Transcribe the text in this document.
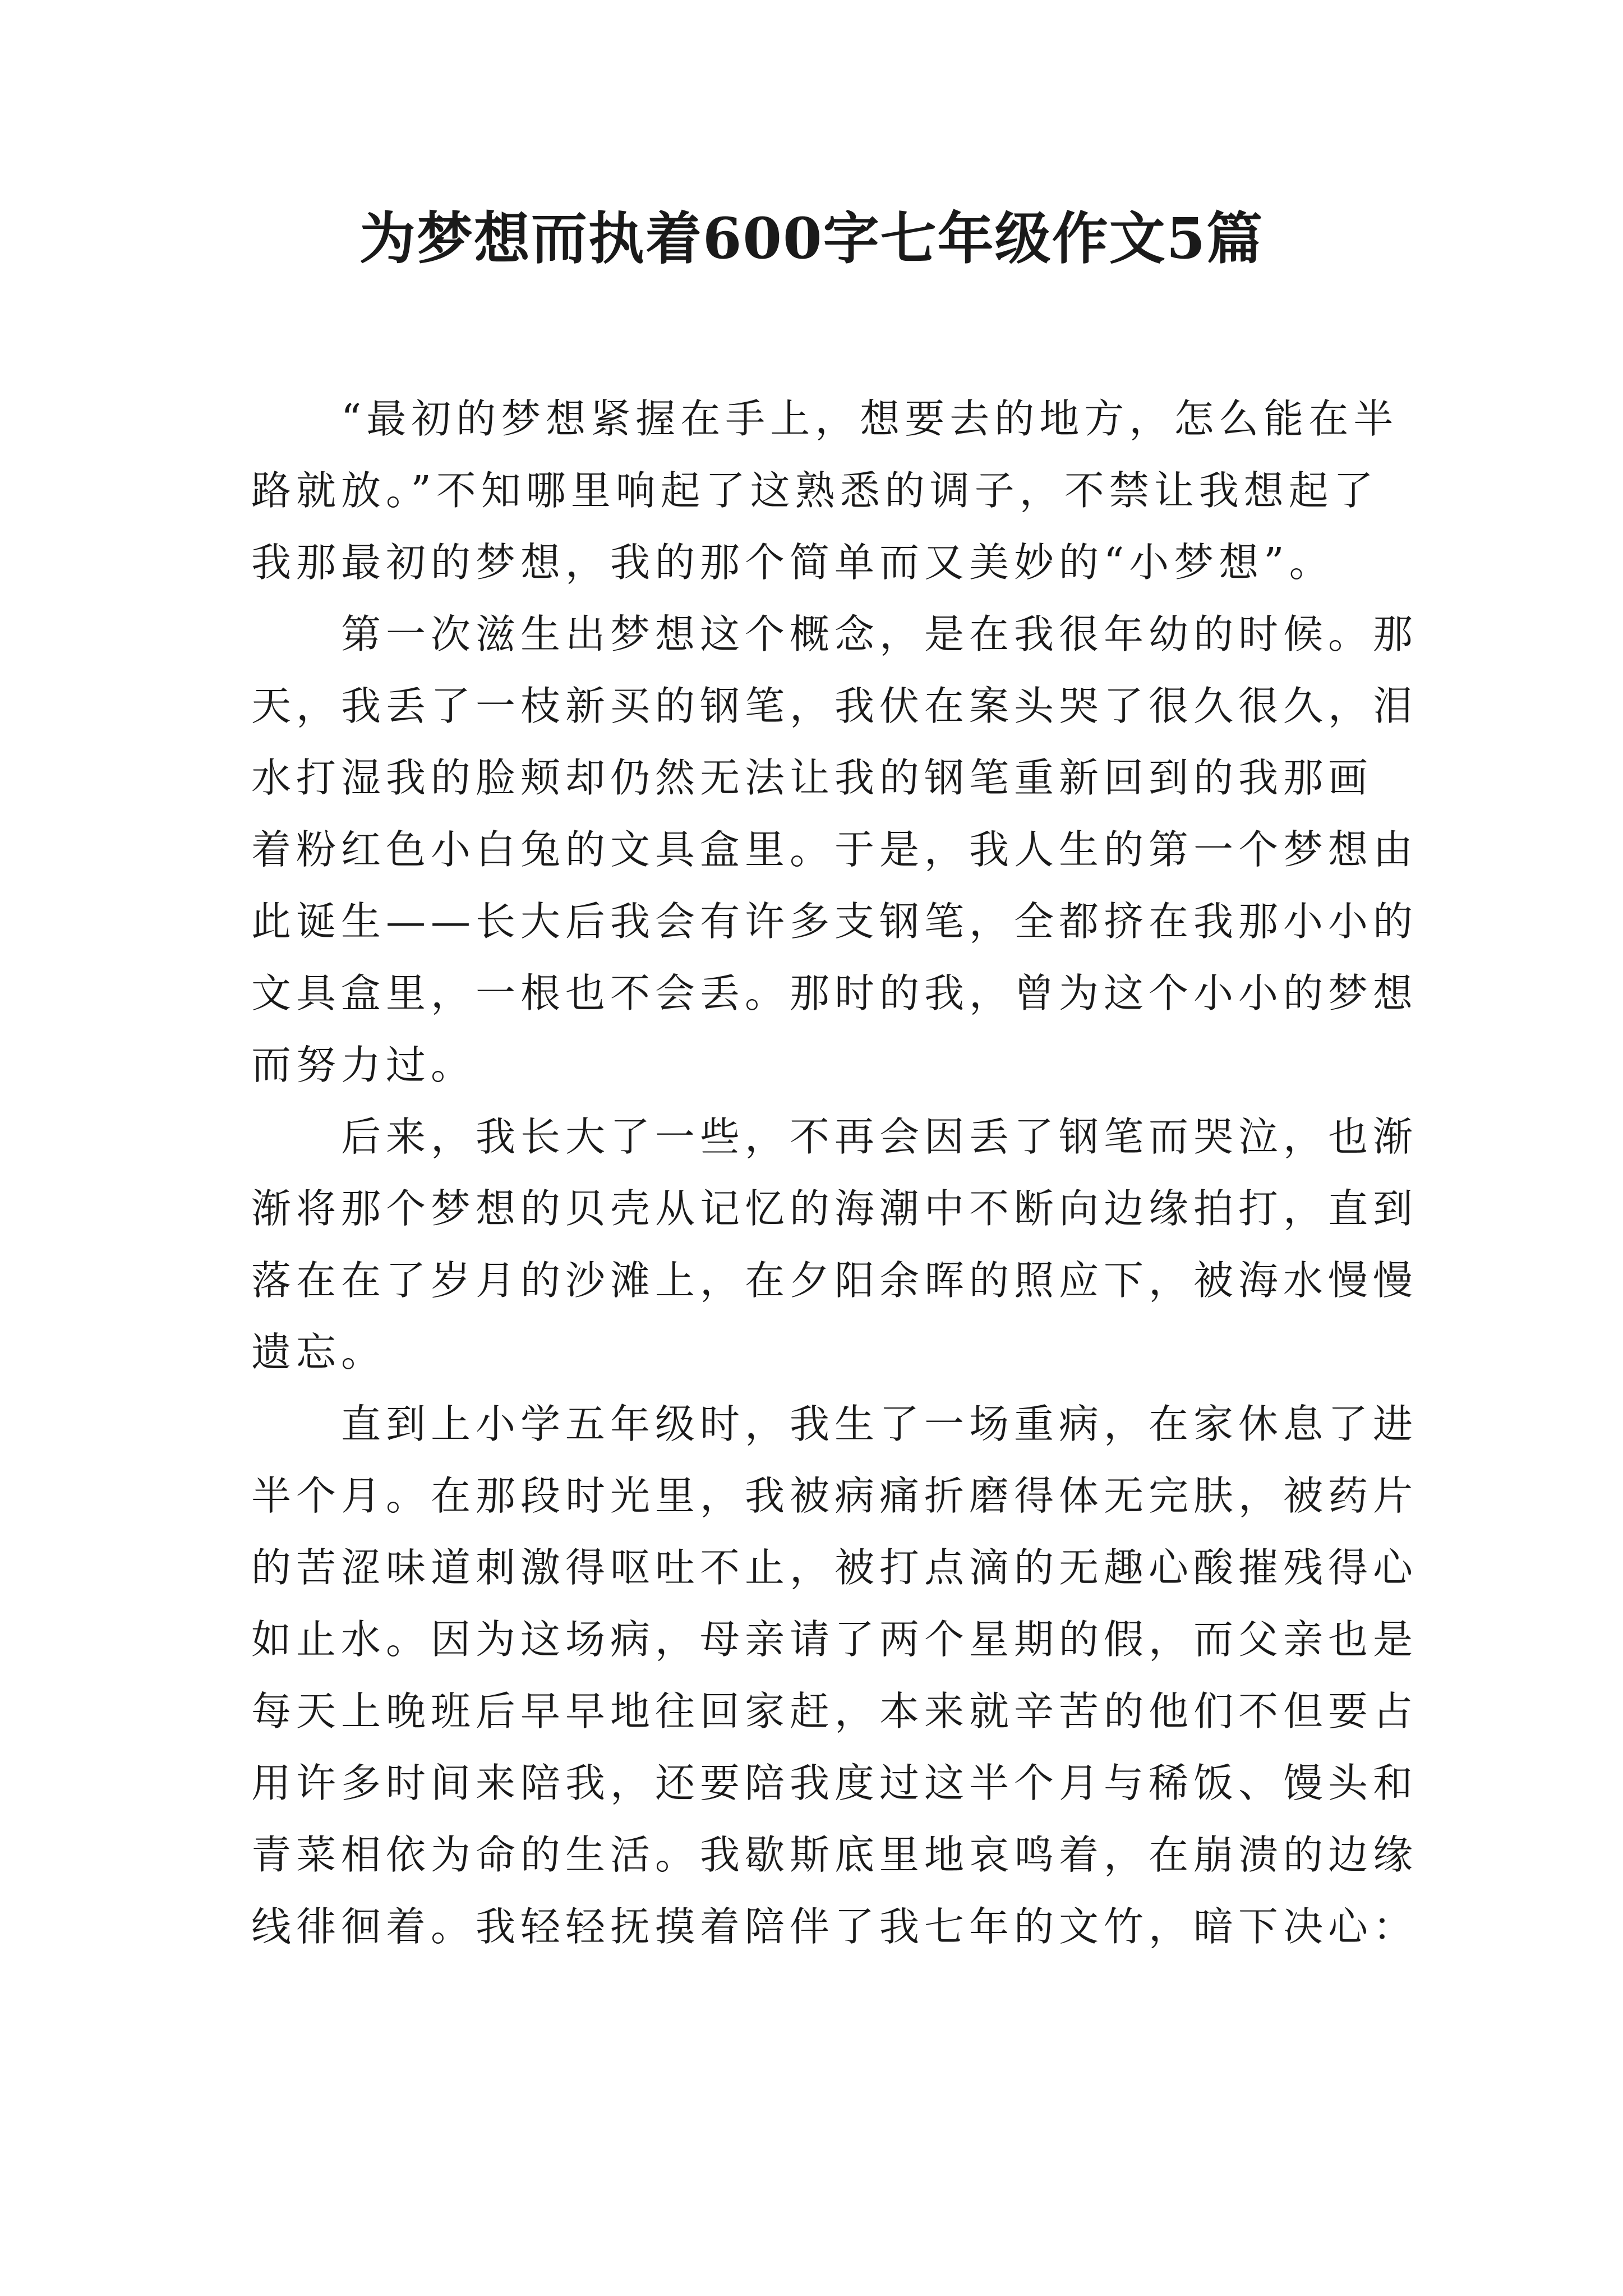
为梦想而执着600字七年级作文5篇

“最初的梦想紧握在手上，想要去的地方，怎么能在半

路就放。”不知哪里响起了这熟悉的调子，不禁让我想起了

我那最初的梦想，我的那个简单而又美妙的“小梦想”。

第一次滋生出梦想这个概念，是在我很年幼的时候。那

天，我丢了一枝新买的钢笔，我伏在案头哭了很久很久，泪

水打湿我的脸颊却仍然无法让我的钢笔重新回到的我那画

着粉红色小白兔的文具盒里。于是，我人生的第一个梦想由

此诞生——长大后我会有许多支钢笔，全都挤在我那小小的

文具盒里，一根也不会丢。那时的我，曾为这个小小的梦想

而努力过。

后来，我长大了一些，不再会因丢了钢笔而哭泣，也渐

渐将那个梦想的贝壳从记忆的海潮中不断向边缘拍打，直到

落在在了岁月的沙滩上，在夕阳余晖的照应下，被海水慢慢

遗忘。

直到上小学五年级时，我生了一场重病，在家休息了进

半个月。在那段时光里，我被病痛折磨得体无完肤，被药片

的苦涩味道刺激得呕吐不止，被打点滴的无趣心酸摧残得心

如止水。因为这场病，母亲请了两个星期的假，而父亲也是

每天上晚班后早早地往回家赶，本来就辛苦的他们不但要占

用许多时间来陪我，还要陪我度过这半个月与稀饭、馒头和

青菜相依为命的生活。我歇斯底里地哀鸣着，在崩溃的边缘

线徘徊着。我轻轻抚摸着陪伴了我七年的文竹，暗下决心：
